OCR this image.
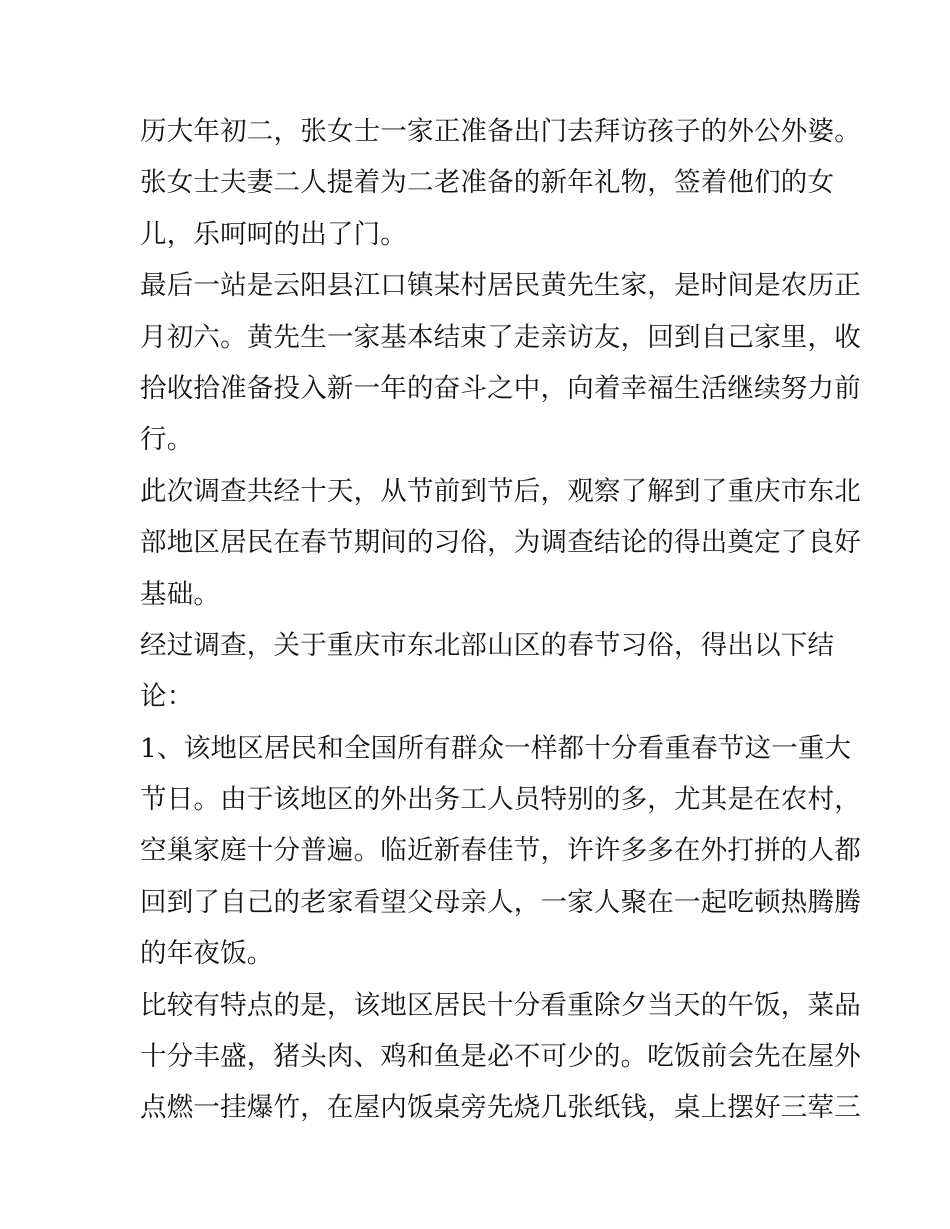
历大年初二，张女士一家正准备出门去拜访孩子的外公外婆。
张女士夫妻二人提着为二老准备的新年礼物，签着他们的女
儿，乐呵呵的出了门。
最后一站是云阳县江口镇某村居民黄先生家，是时间是农历正
月初六。黄先生一家基本结束了走亲访友，回到自己家里，收
拾收拾准备投入新一年的奋斗之中，向着幸福生活继续努力前
行。
此次调查共经十天，从节前到节后，观察了解到了重庆市东北
部地区居民在春节期间的习俗，为调查结论的得出奠定了良好
基础。
经过调查，关于重庆市东北部山区的春节习俗，得出以下结
论：
1、该地区居民和全国所有群众一样都十分看重春节这一重大
节日。由于该地区的外出务工人员特别的多，尤其是在农村，
空巢家庭十分普遍。临近新春佳节，许许多多在外打拼的人都
回到了自己的老家看望父母亲人，一家人聚在一起吃顿热腾腾
的年夜饭。
比较有特点的是，该地区居民十分看重除夕当天的午饭，菜品
十分丰盛，猪头肉、鸡和鱼是必不可少的。吃饭前会先在屋外
点燃一挂爆竹，在屋内饭桌旁先烧几张纸钱，桌上摆好三荤三
